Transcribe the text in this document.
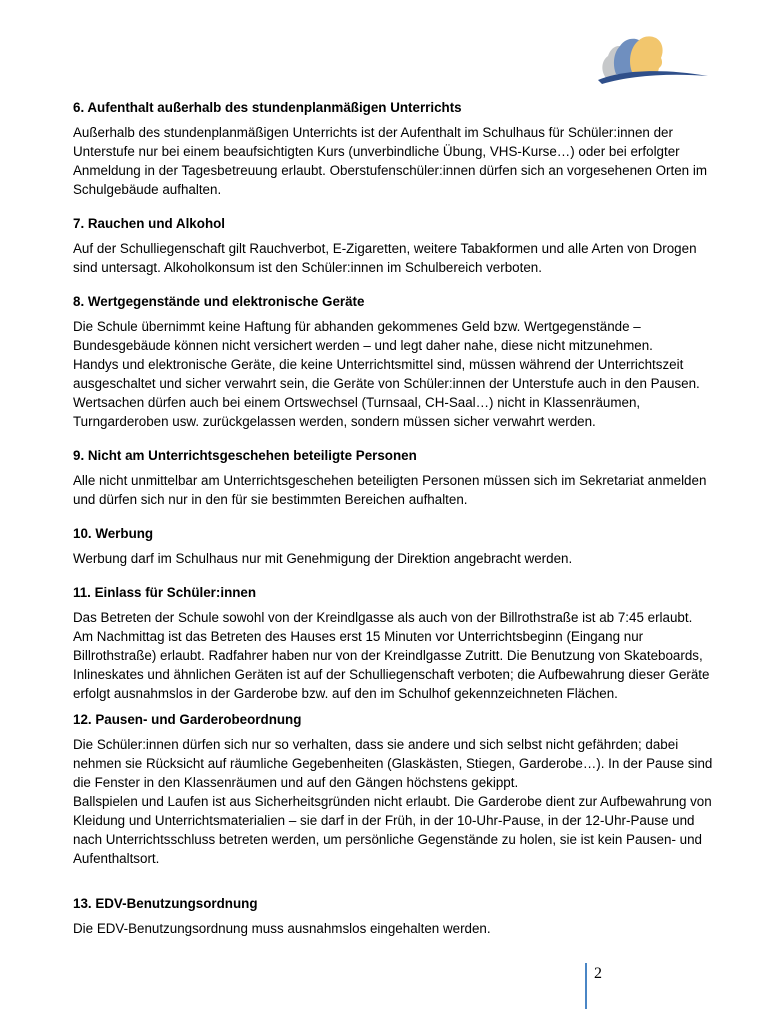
6. Aufenthalt außerhalb des stundenplanmäßigen Unterrichts

Außerhalb des stundenplanmäßigen Unterrichts ist der Aufenthalt im Schulhaus für Schüler:innen der Unterstufe nur bei einem beaufsichtigten Kurs (unverbindliche Übung, VHS-Kurse…) oder bei erfolgter Anmeldung in der Tagesbetreuung erlaubt. Oberstufenschüler:innen dürfen sich an vorgesehenen Orten im Schulgebäude aufhalten.

7. Rauchen und Alkohol

Auf der Schulliegenschaft gilt Rauchverbot, E-Zigaretten, weitere Tabakformen und alle Arten von Drogen sind untersagt. Alkoholkonsum ist den Schüler:innen im Schulbereich verboten.

8. Wertgegenstände und elektronische Geräte

Die Schule übernimmt keine Haftung für abhanden gekommenes Geld bzw. Wertgegenstände – Bundesgebäude können nicht versichert werden – und legt daher nahe, diese nicht mitzunehmen.

Handys und elektronische Geräte, die keine Unterrichtsmittel sind, müssen während der Unterrichtszeit ausgeschaltet und sicher verwahrt sein, die Geräte von Schüler:innen der Unterstufe auch in den Pausen. Wertsachen dürfen auch bei einem Ortswechsel (Turnsaal, CH-Saal…) nicht in Klassenräumen, Turngarderoben usw. zurückgelassen werden, sondern müssen sicher verwahrt werden.

9. Nicht am Unterrichtsgeschehen beteiligte Personen

Alle nicht unmittelbar am Unterrichtsgeschehen beteiligten Personen müssen sich im Sekretariat anmelden und dürfen sich nur in den für sie bestimmten Bereichen aufhalten.

10. Werbung

Werbung darf im Schulhaus nur mit Genehmigung der Direktion angebracht werden.

11. Einlass für Schüler:innen

Das Betreten der Schule sowohl von der Kreindlgasse als auch von der Billrothstraße ist ab 7:45 erlaubt. Am Nachmittag ist das Betreten des Hauses erst 15 Minuten vor Unterrichtsbeginn (Eingang nur Billrothstraße) erlaubt. Radfahrer haben nur von der Kreindlgasse Zutritt. Die Benutzung von Skateboards, Inlineskates und ähnlichen Geräten ist auf der Schulliegenschaft verboten; die Aufbewahrung dieser Geräte erfolgt ausnahmslos in der Garderobe bzw. auf den im Schulhof gekennzeichneten Flächen.

12. Pausen- und Garderobeordnung

Die Schüler:innen dürfen sich nur so verhalten, dass sie andere und sich selbst nicht gefährden; dabei nehmen sie Rücksicht auf räumliche Gegebenheiten (Glaskästen, Stiegen, Garderobe…). In der Pause sind die Fenster in den Klassenräumen und auf den Gängen höchstens gekippt.

Ballspielen und Laufen ist aus Sicherheitsgründen nicht erlaubt. Die Garderobe dient zur Aufbewahrung von Kleidung und Unterrichtsmaterialien – sie darf in der Früh, in der 10-Uhr-Pause, in der 12-Uhr-Pause und nach Unterrichtsschluss betreten werden, um persönliche Gegenstände zu holen, sie ist kein Pausen- und Aufenthaltsort.

13. EDV-Benutzungsordnung

Die EDV-Benutzungsordnung muss ausnahmslos eingehalten werden.

2
